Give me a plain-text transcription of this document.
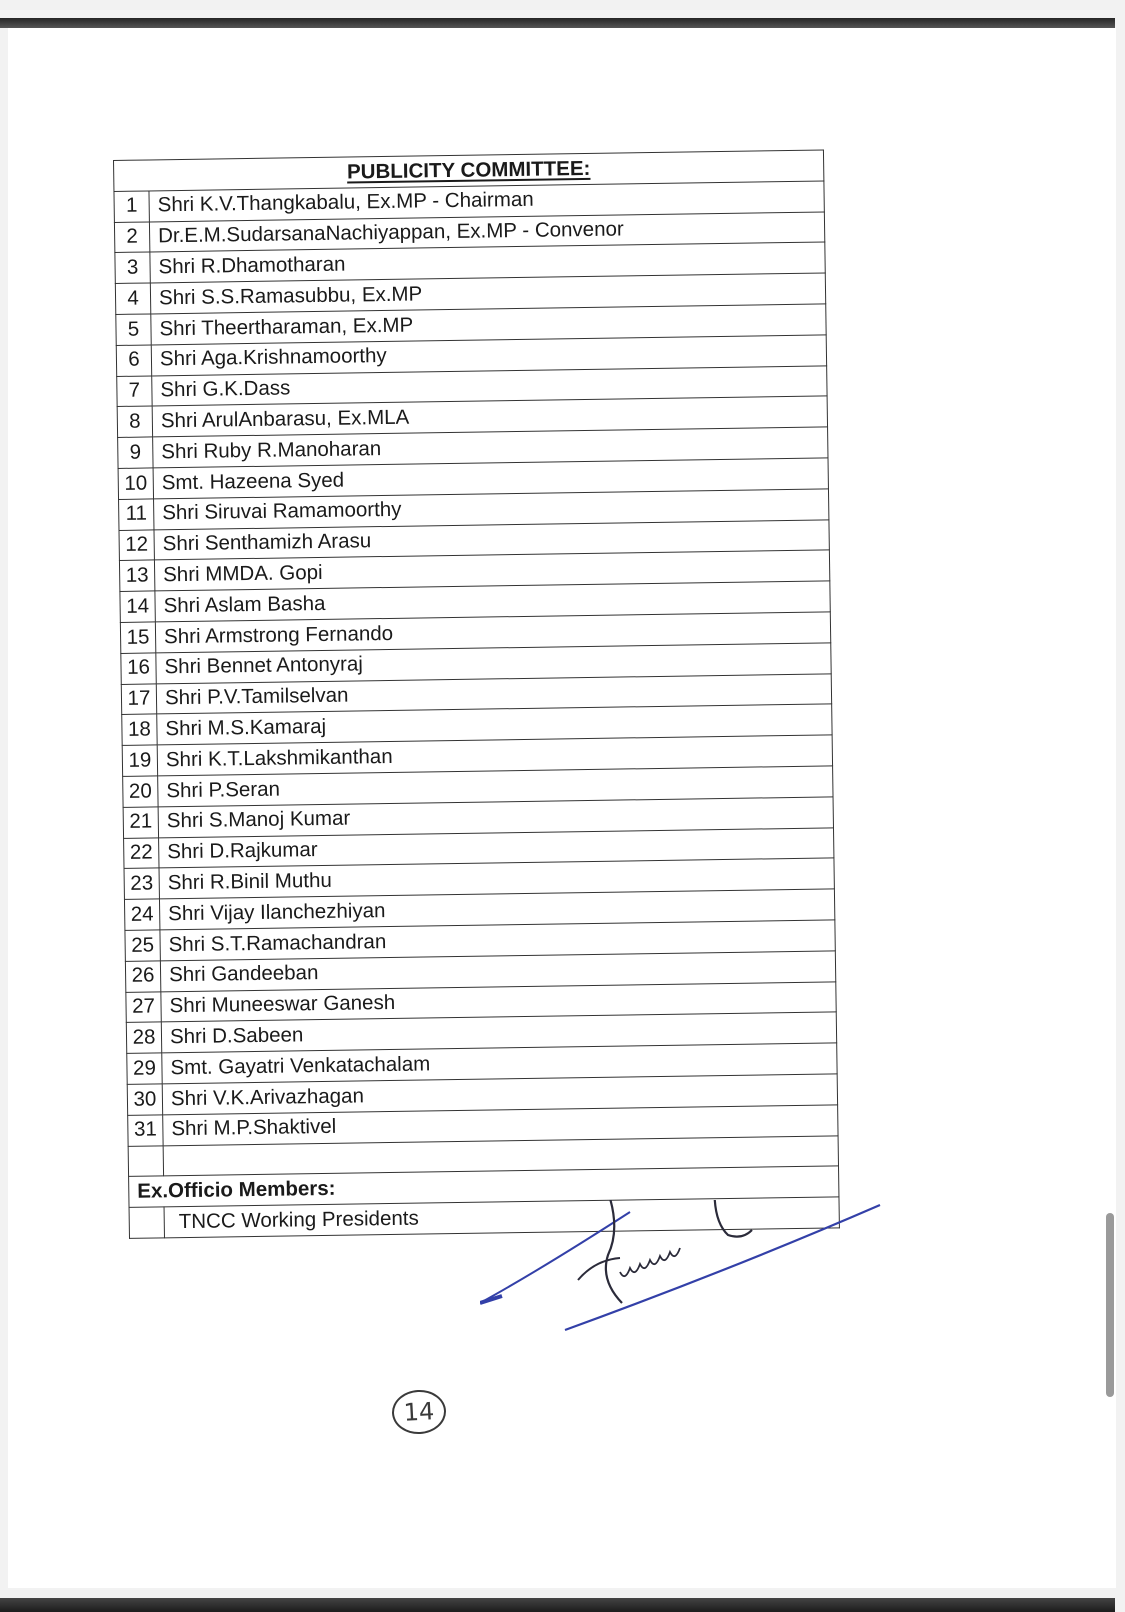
PUBLICITY COMMITTEE:	
1	Shri K.V.Thangkabalu, Ex.MP - Chairman
2	Dr.E.M.SudarsanaNachiyappan, Ex.MP - Convenor
3	Shri R.Dhamotharan
4	Shri S.S.Ramasubbu, Ex.MP
5	Shri Theertharaman, Ex.MP
6	Shri Aga.Krishnamoorthy
7	Shri G.K.Dass
8	Shri ArulAnbarasu, Ex.MLA
9	Shri Ruby R.Manoharan
10	Smt. Hazeena Syed
11	Shri Siruvai Ramamoorthy
12	Shri Senthamizh Arasu
13	Shri MMDA. Gopi
14	Shri Aslam Basha
15	Shri Armstrong Fernando
16	Shri Bennet Antonyraj
17	Shri P.V.Tamilselvan
18	Shri M.S.Kamaraj
19	Shri K.T.Lakshmikanthan
20	Shri P.Seran
21	Shri S.Manoj Kumar
22	Shri D.Rajkumar
23	Shri R.Binil Muthu
24	Shri Vijay Ilanchezhiyan
25	Shri S.T.Ramachandran
26	Shri Gandeeban
27	Shri Muneeswar Ganesh
28	Shri D.Sabeen
29	Smt. Gayatri Venkatachalam
30	Shri V.K.Arivazhagan
31	Shri M.P.Shaktivel

Ex.Officio Members:	
	TNCC Working Presidents
14
